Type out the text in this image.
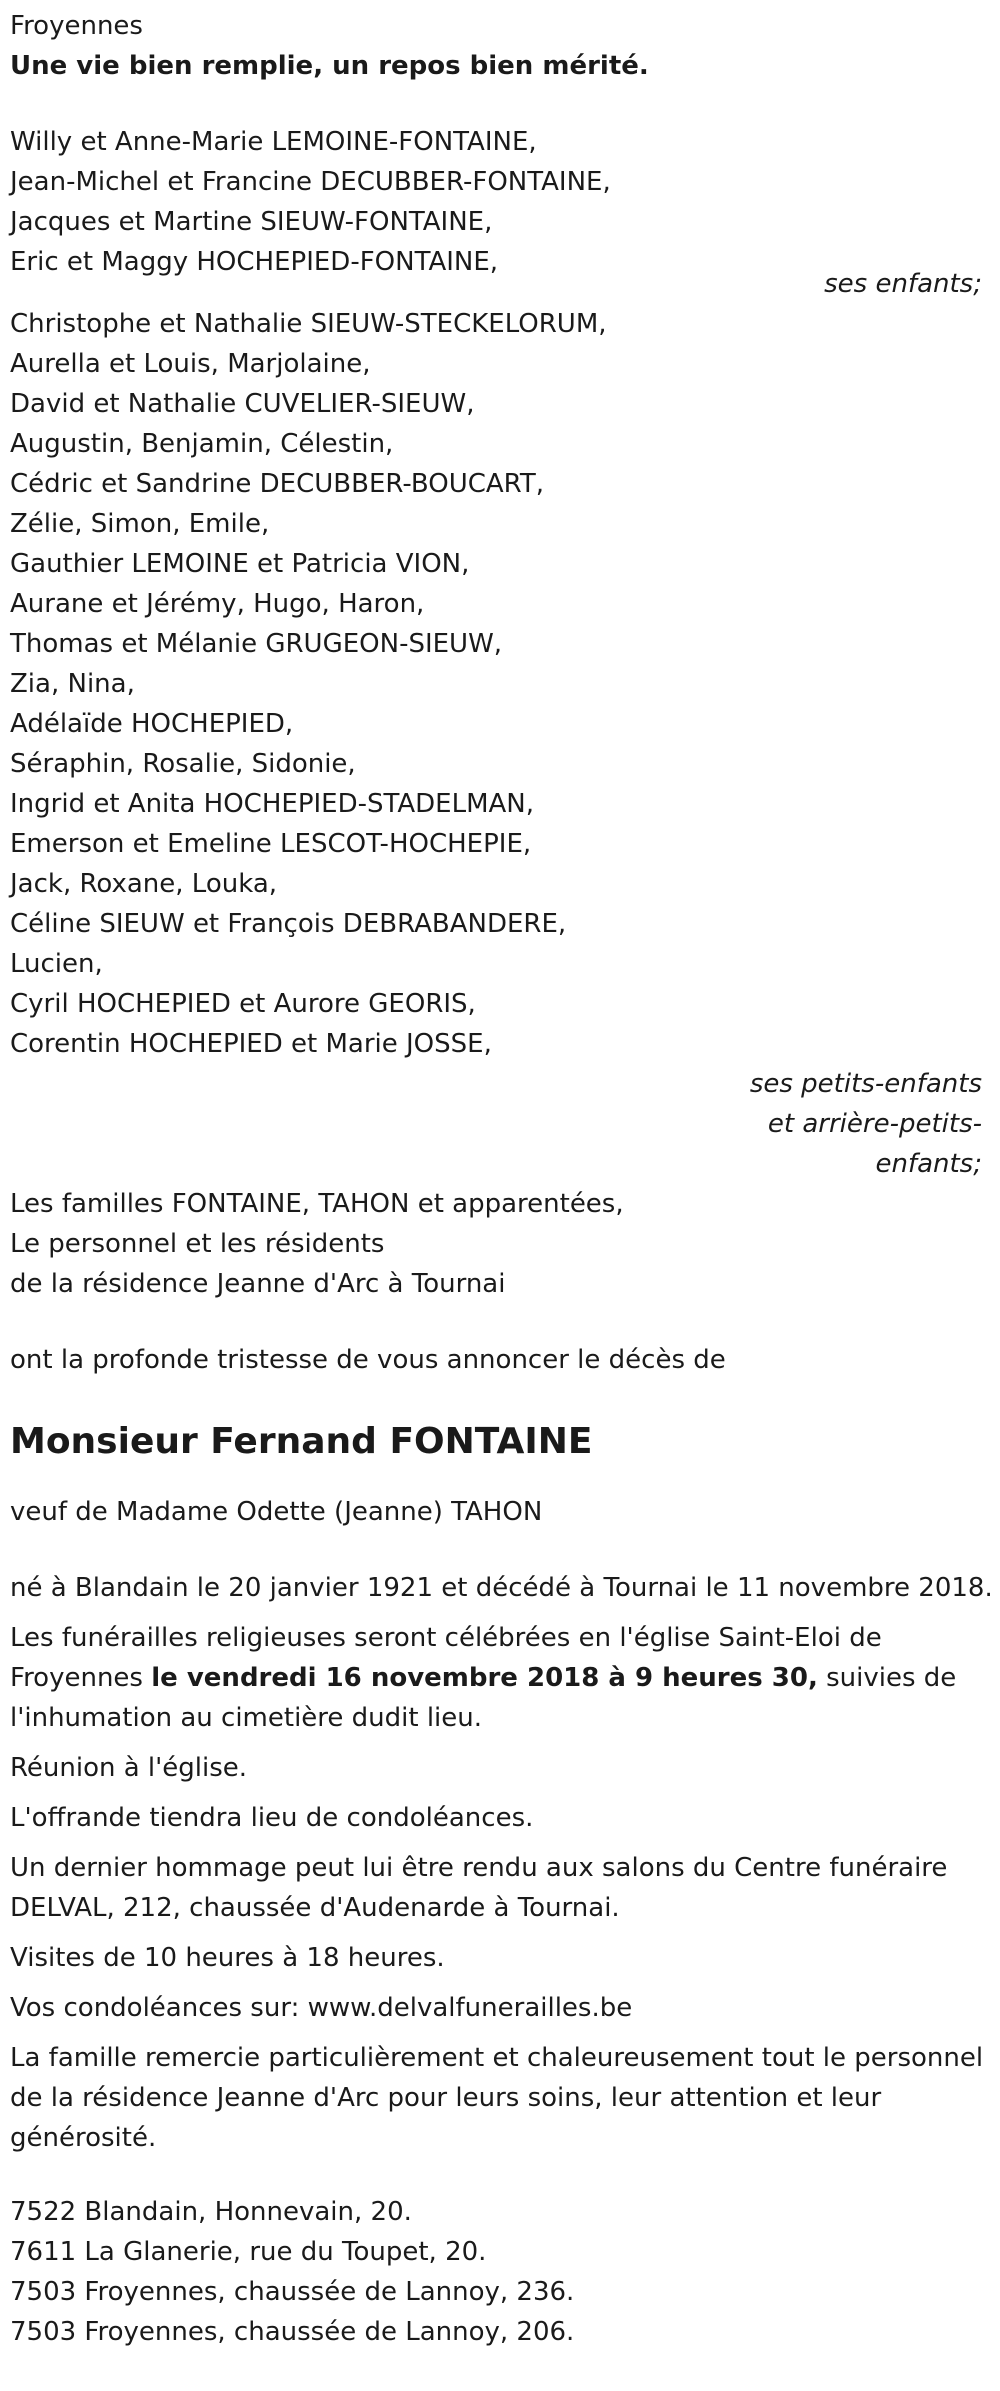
Froyennes
Une vie bien remplie, un repos bien mérité.
Willy et Anne-Marie LEMOINE-FONTAINE,
Jean-Michel et Francine DECUBBER-FONTAINE,
Jacques et Martine SIEUW-FONTAINE,
Eric et Maggy HOCHEPIED-FONTAINE,
ses enfants;
Christophe et Nathalie SIEUW-STECKELORUM,
Aurella et Louis, Marjolaine,
David et Nathalie CUVELIER-SIEUW,
Augustin, Benjamin, Célestin,
Cédric et Sandrine DECUBBER-BOUCART,
Zélie, Simon, Emile,
Gauthier LEMOINE et Patricia VION,
Aurane et Jérémy, Hugo, Haron,
Thomas et Mélanie GRUGEON-SIEUW,
Zia, Nina,
Adélaïde HOCHEPIED,
Séraphin, Rosalie, Sidonie,
Ingrid et Anita HOCHEPIED-STADELMAN,
Emerson et Emeline LESCOT-HOCHEPIE,
Jack, Roxane, Louka,
Céline SIEUW et François DEBRABANDERE,
Lucien,
Cyril HOCHEPIED et Aurore GEORIS,
Corentin HOCHEPIED et Marie JOSSE,
ses petits-enfants
et arrière-petits-
enfants;
Les familles FONTAINE, TAHON et apparentées,
Le personnel et les résidents
de la résidence Jeanne d'Arc à Tournai
ont la profonde tristesse de vous annoncer le décès de
Monsieur Fernand FONTAINE
veuf de Madame Odette (Jeanne) TAHON

né à Blandain le 20 janvier 1921 et décédé à Tournai le 11 novembre 2018.

Les funérailles religieuses seront célébrées en l'église Saint-Eloi de Froyennes le vendredi 16 novembre 2018 à 9 heures 30, suivies de l'inhumation au cimetière dudit lieu.

Réunion à l'église.

L'offrande tiendra lieu de condoléances.

Un dernier hommage peut lui être rendu aux salons du Centre funéraire DELVAL, 212, chaussée d'Audenarde à Tournai.

Visites de 10 heures à 18 heures.

Vos condoléances sur: www.delvalfunerailles.be

La famille remercie particulièrement et chaleureusement tout le personnel de la résidence Jeanne d'Arc pour leurs soins, leur attention et leur générosité.

7522 Blandain, Honnevain, 20.
7611 La Glanerie, rue du Toupet, 20.
7503 Froyennes, chaussée de Lannoy, 236.
7503 Froyennes, chaussée de Lannoy, 206.
